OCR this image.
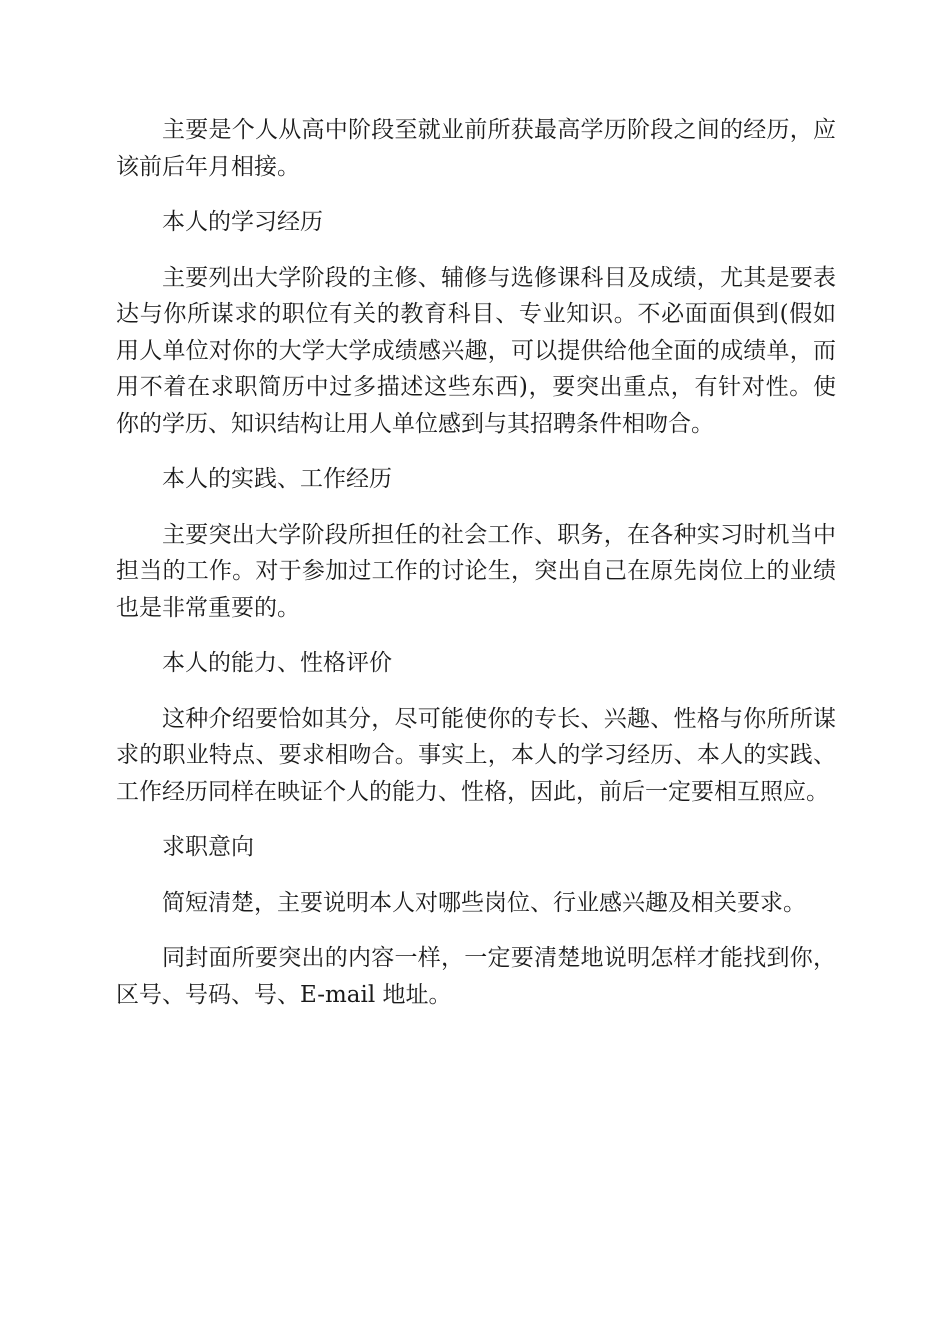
主要是个人从高中阶段至就业前所获最高学历阶段之间的经历，应该前后年月相接。

本人的学习经历

主要列出大学阶段的主修、辅修与选修课科目及成绩，尤其是要表达与你所谋求的职位有关的教育科目、专业知识。不必面面俱到(假如用人单位对你的大学大学成绩感兴趣，可以提供给他全面的成绩单，而用不着在求职简历中过多描述这些东西)，要突出重点，有针对性。使你的学历、知识结构让用人单位感到与其招聘条件相吻合。

本人的实践、工作经历

主要突出大学阶段所担任的社会工作、职务，在各种实习时机当中担当的工作。对于参加过工作的讨论生，突出自己在原先岗位上的业绩也是非常重要的。

本人的能力、性格评价

这种介绍要恰如其分，尽可能使你的专长、兴趣、性格与你所所谋求的职业特点、要求相吻合。事实上，本人的学习经历、本人的实践、工作经历同样在映证个人的能力、性格，因此，前后一定要相互照应。

求职意向

简短清楚，主要说明本人对哪些岗位、行业感兴趣及相关要求。

同封面所要突出的内容一样，一定要清楚地说明怎样才能找到你，区号、号码、号、E-mail 地址。
